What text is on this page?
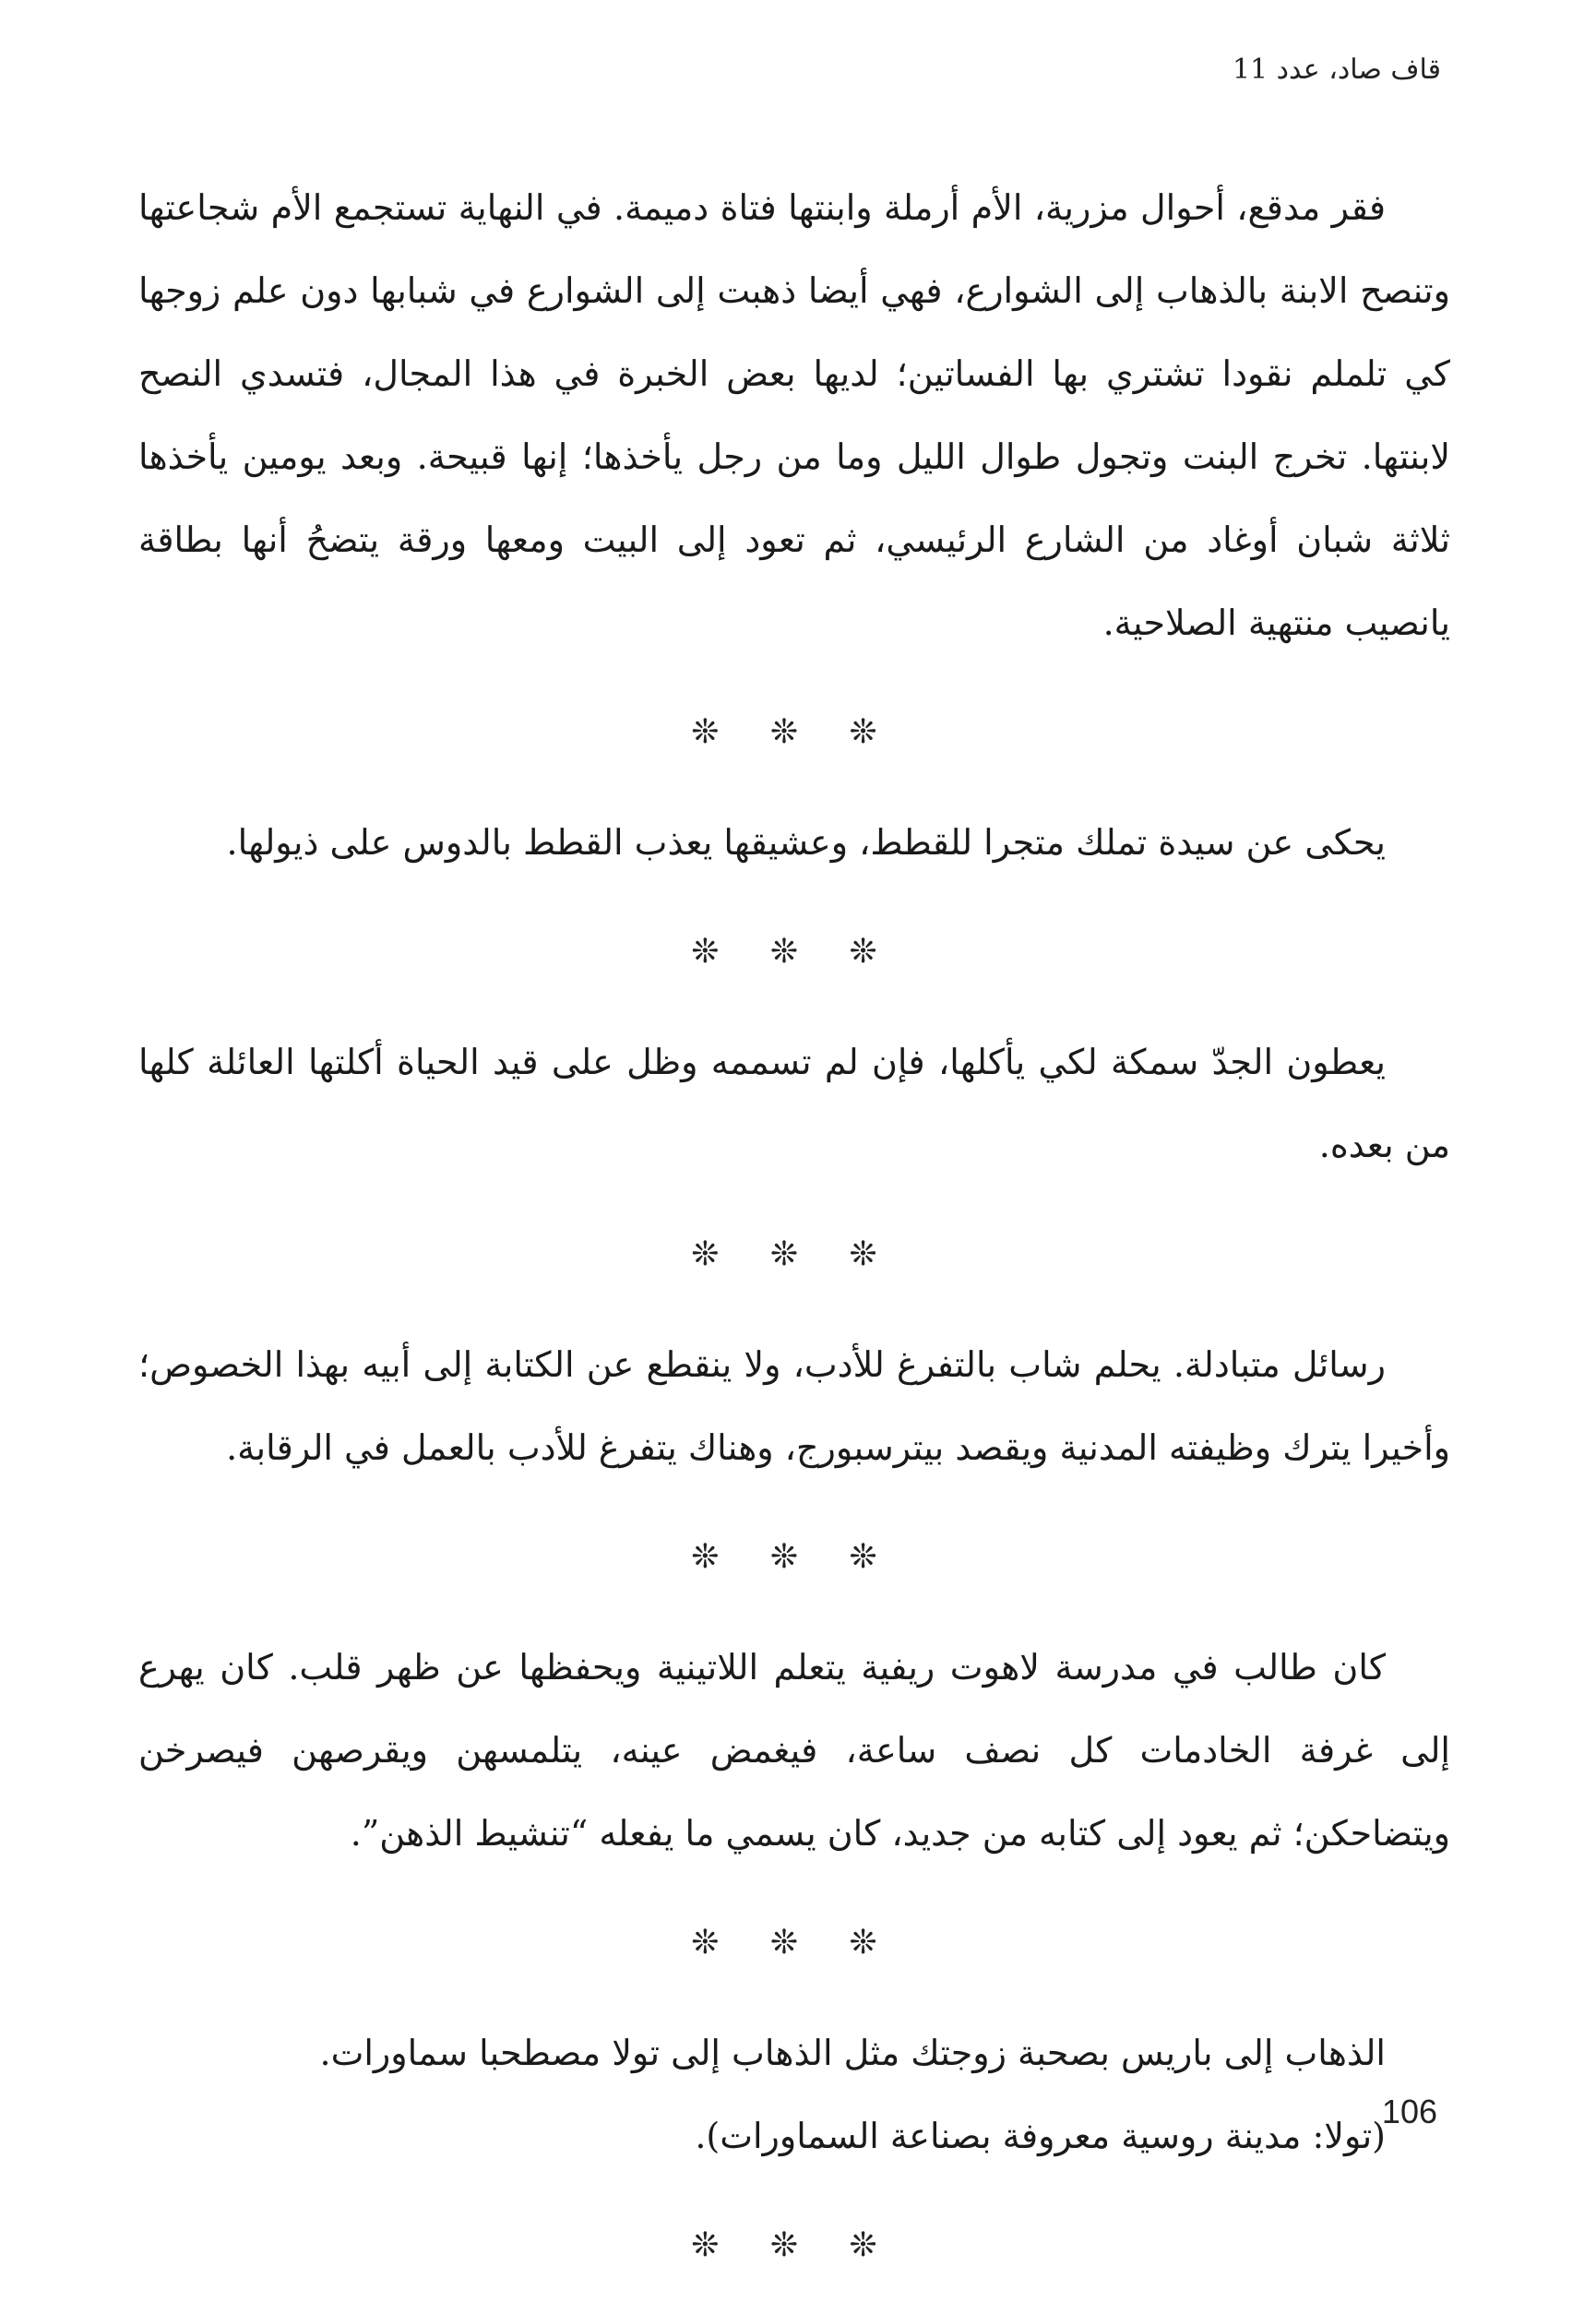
قاف صاد، عدد 11

فقر مدقع، أحوال مزرية، الأم أرملة وابنتها فتاة دميمة. في النهاية تستجمع الأم شجاعتها وتنصح الابنة بالذهاب إلى الشوارع، فهي أيضا ذهبت إلى الشوارع في شبابها دون علم زوجها كي تلملم نقودا تشتري بها الفساتين؛ لديها بعض الخبرة في هذا المجال، فتسدي النصح لابنتها. تخرج البنت وتجول طوال الليل وما من رجل يأخذها؛ إنها قبيحة. وبعد يومين يأخذها ثلاثة شبان أوغاد من الشارع الرئيسي، ثم تعود إلى البيت ومعها ورقة يتضحُ أنها بطاقة يانصيب منتهية الصلاحية.

❊ ❊ ❊

يحكى عن سيدة تملك متجرا للقطط، وعشيقها يعذب القطط بالدوس على ذيولها.

❊ ❊ ❊

يعطون الجدّ سمكة لكي يأكلها، فإن لم تسممه وظل على قيد الحياة أكلتها العائلة كلها من بعده.

❊ ❊ ❊

رسائل متبادلة. يحلم شاب بالتفرغ للأدب، ولا ينقطع عن الكتابة إلى أبيه بهذا الخصوص؛ وأخيرا يترك وظيفته المدنية ويقصد بيترسبورج، وهناك يتفرغ للأدب بالعمل في الرقابة.

❊ ❊ ❊

كان طالب في مدرسة لاهوت ريفية يتعلم اللاتينية ويحفظها عن ظهر قلب. كان يهرع إلى غرفة الخادمات كل نصف ساعة، فيغمض عينه، يتلمسهن ويقرصهن فيصرخن ويتضاحكن؛ ثم يعود إلى كتابه من جديد، كان يسمي ما يفعله “تنشيط الذهن”.

❊ ❊ ❊

الذهاب إلى باريس بصحبة زوجتك مثل الذهاب إلى تولا مصطحبا سماورات.

(تولا: مدينة روسية معروفة بصناعة السماورات).

❊ ❊ ❊
106
